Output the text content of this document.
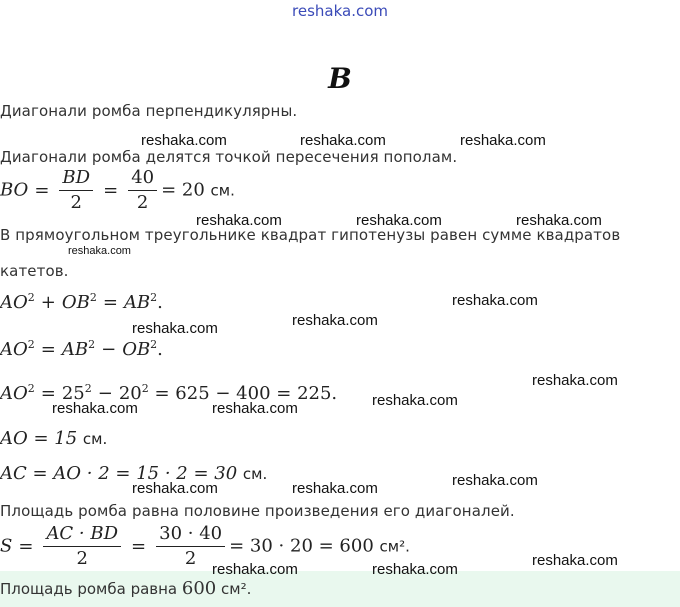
reshaka.com
В
Диагонали ромба перпендикулярны.
Диагонали ромба делятся точкой пересечения пополам.
BO = $\frac{BD}{2} = \frac{40}{2} = 20$ см.
В прямоугольном треугольнике квадрат гипотенузы равен сумме квадратов
катетов.
$AO^2 + OB^2 = AB^2$.
$AO^2 = AB^2 - OB^2$.
$AO^2 = 25^2 - 20^2 = 625 - 400 = 225$.
AO = 15 см.
AC = AO · 2 = 15 · 2 = 30 см.
Площадь ромба равна половине произведения его диагоналей.
$S = \frac{AC \cdot BD}{2} = \frac{30 \cdot 40}{2} = 30 \cdot 20 = 600$ см².
Площадь ромба равна 600 см².
reshaka.com	reshaka.com	reshaka.com
reshaka.com	reshaka.com	reshaka.com
reshaka.com
reshaka.com
reshaka.com
reshaka.com
reshaka.com
reshaka.com
reshaka.com	reshaka.com
reshaka.com
reshaka.com	reshaka.com
reshaka.com
reshaka.com	reshaka.com
